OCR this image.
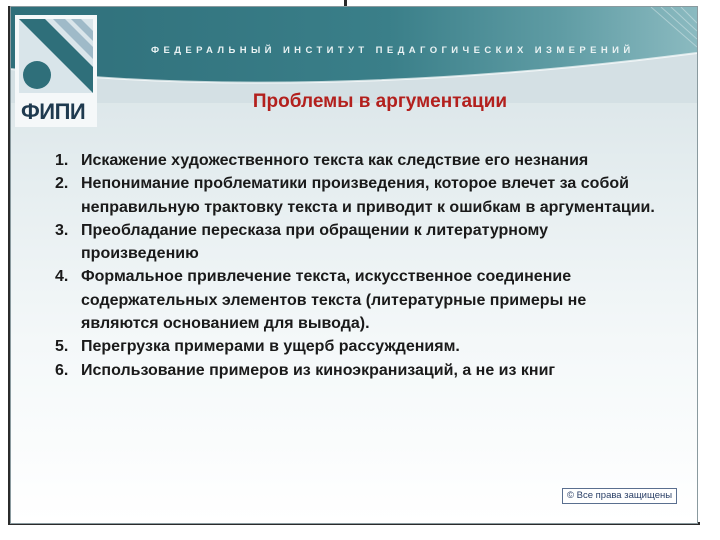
ФЕДЕРАЛЬНЫЙ ИНСТИТУТ ПЕДАГОГИЧЕСКИХ ИЗМЕРЕНИЙ
ФИПИ	Проблемы в аргументации
1. Искажение художественного текста как следствие его незнания
2. Непонимание проблематики произведения, которое влечет за собой неправильную трактовку текста и приводит к ошибкам в аргументации.
3. Преобладание пересказа при обращении к литературному произведению
4. Формальное привлечение текста, искусственное соединение содержательных элементов текста (литературные примеры не являются основанием для вывода).
5. Перегрузка примерами в ущерб рассуждениям.
6. Использование примеров из киноэкранизаций, а не из книг
© Все права защищены
